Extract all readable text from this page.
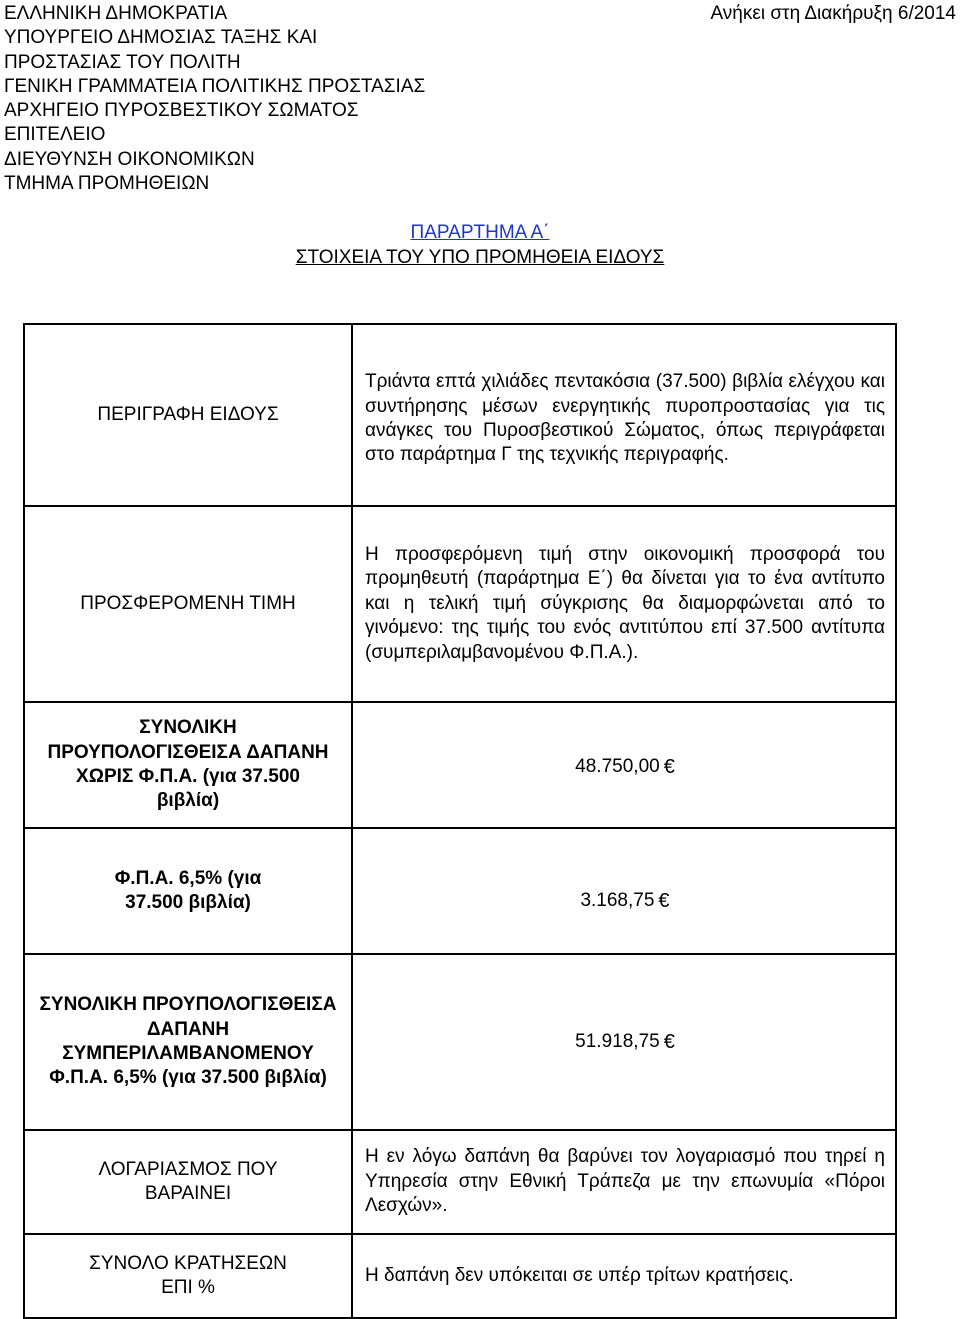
ΕΛΛΗΝΙΚΗ ΔΗΜΟΚΡΑΤΙΑ
ΥΠΟΥΡΓΕΙΟ ΔΗΜΟΣΙΑΣ ΤΑΞΗΣ ΚΑΙ
ΠΡΟΣΤΑΣΙΑΣ ΤΟΥ ΠΟΛΙΤΗ
ΓΕΝΙΚΗ ΓΡΑΜΜΑΤΕΙΑ ΠΟΛΙΤΙΚΗΣ ΠΡΟΣΤΑΣΙΑΣ
ΑΡΧΗΓΕΙΟ ΠΥΡΟΣΒΕΣΤΙΚΟΥ ΣΩΜΑΤΟΣ
ΕΠΙΤΕΛΕΙΟ
ΔΙΕΥΘΥΝΣΗ ΟΙΚΟΝΟΜΙΚΩΝ
ΤΜΗΜΑ ΠΡΟΜΗΘΕΙΩΝ
Ανήκει στη Διακήρυξη 6/2014
ΠΑΡΑΡΤΗΜΑ Α΄
ΣΤΟΙΧΕΙΑ ΤΟΥ ΥΠΟ ΠΡΟΜΗΘΕΙΑ ΕΙΔΟΥΣ
ΠΕΡΙΓΡΑΦΗ ΕΙΔΟΥΣ
Τριάντα επτά χιλιάδες πεντακόσια (37.500) βιβλία ελέγχου και συντήρησης μέσων ενεργητικής πυροπροστασίας για τις ανάγκες του Πυροσβεστικού Σώματος, όπως περιγράφεται στο παράρτημα Γ της τεχνικής περιγραφής.
ΠΡΟΣΦΕΡΟΜΕΝΗ ΤΙΜΗ
Η προσφερόμενη τιμή στην οικονομική προσφορά του προμηθευτή (παράρτημα Ε΄) θα δίνεται για το ένα αντίτυπο και η τελική τιμή σύγκρισης θα διαμορφώνεται από το γινόμενο: της τιμής του ενός αντιτύπου επί 37.500 αντίτυπα (συμπεριλαμβανομένου Φ.Π.Α.).
ΣΥΝΟΛΙΚΗ ΠΡΟΥΠΟΛΟΓΙΣΘΕΙΣΑ ΔΑΠΑΝΗ ΧΩΡΙΣ Φ.Π.Α. (για 37.500 βιβλία)
48.750,00 €
Φ.Π.Α. 6,5% (για 37.500 βιβλία)	3.168,75 €
ΣΥΝΟΛΙΚΗ ΠΡΟΥΠΟΛΟΓΙΣΘΕΙΣΑ ΔΑΠΑΝΗ ΣΥΜΠΕΡΙΛΑΜΒΑΝΟΜΕΝΟΥ Φ.Π.Α. 6,5% (για 37.500 βιβλία)
51.918,75 €
ΛΟΓΑΡΙΑΣΜΟΣ ΠΟΥ ΒΑΡΑΙΝΕΙ
Η εν λόγω δαπάνη θα βαρύνει τον λογαριασμό που τηρεί η Υπηρεσία στην Εθνική Τράπεζα με την επωνυμία «Πόροι Λεσχών».
ΣΥΝΟΛΟ ΚΡΑΤΗΣΕΩΝ ΕΠΙ %
Η δαπάνη δεν υπόκειται σε υπέρ τρίτων κρατήσεις.
